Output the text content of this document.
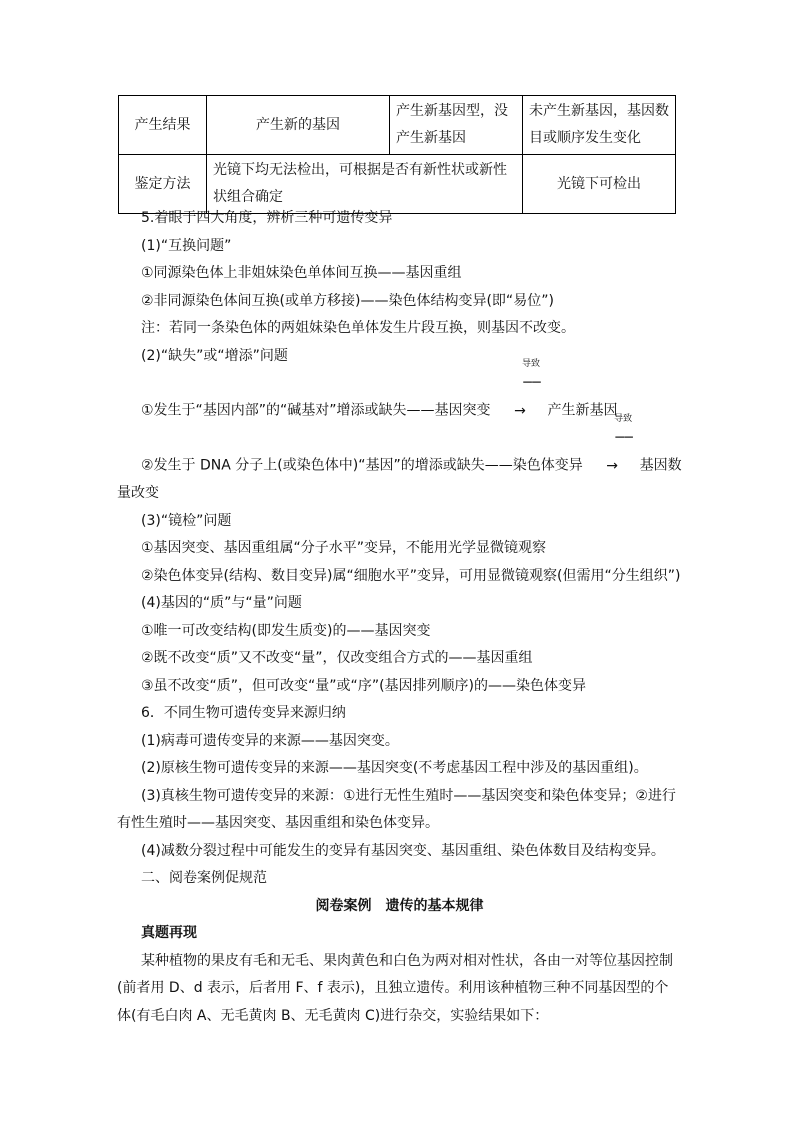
产生结果	产生新的基因	产生新基因型，没产生新基因	未产生新基因，基因数目或顺序发生变化
鉴定方法	光镜下均无法检出，可根据是否有新性状或新性状组合确定		光镜下可检出

5.着眼于四大角度，辨析三种可遗传变异

(1)“互换问题”

①同源染色体上非姐妹染色单体间互换——基因重组

②非同源染色体间互换(或单方移接)——染色体结构变异(即“易位”)

注：若同一条染色体的两姐妹染色单体发生片段互换，则基因不改变。

(2)“缺失”或“增添”问题

①发生于“基因内部”的“碱基对”增添或缺失——基因突变
导致
─ ─ → 产生新基因

②发生于 DNA 分子上(或染色体中)“基因”的增添或缺失——染色体变异
导致
─ ─ → 基因数量改变

(3)“镜检”问题

①基因突变、基因重组属“分子水平”变异，不能用光学显微镜观察

②染色体变异(结构、数目变异)属“细胞水平”变异，可用显微镜观察(但需用“分生组织”)

(4)基因的“质”与“量”问题

①唯一可改变结构(即发生质变)的——基因突变

②既不改变“质”又不改变“量”，仅改变组合方式的——基因重组

③虽不改变“质”，但可改变“量”或“序”(基因排列顺序)的——染色体变异

6．不同生物可遗传变异来源归纳

(1)病毒可遗传变异的来源——基因突变。

(2)原核生物可遗传变异的来源——基因突变(不考虑基因工程中涉及的基因重组)。

(3)真核生物可遗传变异的来源：①进行无性生殖时——基因突变和染色体变异；②进行有性生殖时——基因突变、基因重组和染色体变异。

(4)减数分裂过程中可能发生的变异有基因突变、基因重组、染色体数目及结构变异。

二、阅卷案例促规范

阅卷案例 遗传的基本规律

真题再现

某种植物的果皮有毛和无毛、果肉黄色和白色为两对相对性状，各由一对等位基因控制(前者用 D、d 表示，后者用 F、f 表示)，且独立遗传。利用该种植物三种不同基因型的个体(有毛白肉 A、无毛黄肉 B、无毛黄肉 C)进行杂交，实验结果如下：
